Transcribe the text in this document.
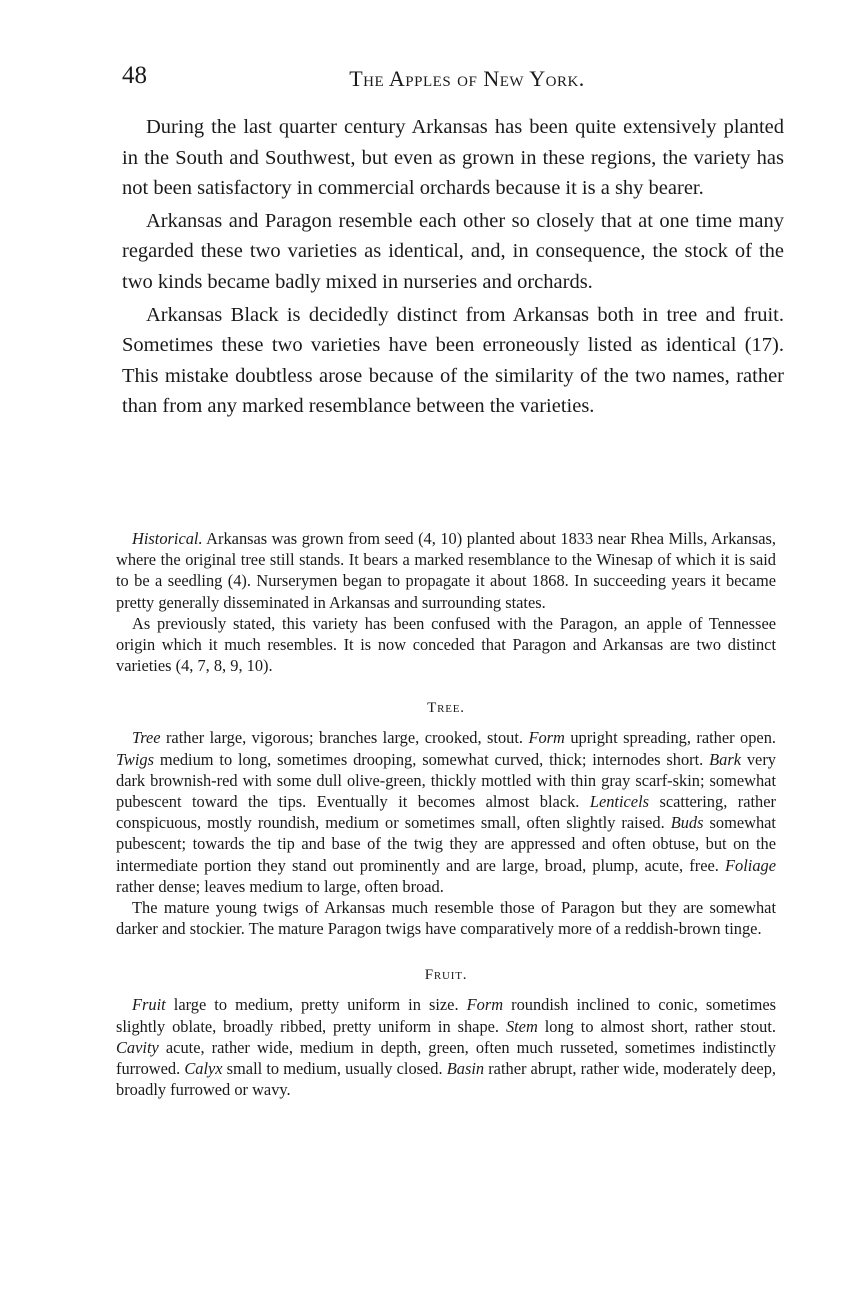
48	The Apples of New York.

During the last quarter century Arkansas has been quite extensively planted in the South and Southwest, but even as grown in these regions, the variety has not been satisfactory in commercial orchards because it is a shy bearer.

Arkansas and Paragon resemble each other so closely that at one time many regarded these two varieties as identical, and, in consequence, the stock of the two kinds became badly mixed in nurseries and orchards.

Arkansas Black is decidedly distinct from Arkansas both in tree and fruit. Sometimes these two varieties have been erroneously listed as identical (17). This mistake doubtless arose because of the similarity of the two names, rather than from any marked resemblance between the varieties.

Historical. Arkansas was grown from seed (4, 10) planted about 1833 near Rhea Mills, Arkansas, where the original tree still stands. It bears a marked resemblance to the Winesap of which it is said to be a seedling (4). Nurserymen began to propagate it about 1868. In succeeding years it became pretty generally disseminated in Arkansas and surrounding states.

As previously stated, this variety has been confused with the Paragon, an apple of Tennessee origin which it much resembles. It is now conceded that Paragon and Arkansas are two distinct varieties (4, 7, 8, 9, 10).

Tree.

Tree rather large, vigorous; branches large, crooked, stout. Form upright spreading, rather open. Twigs medium to long, sometimes drooping, somewhat curved, thick; internodes short. Bark very dark brownish-red with some dull olive-green, thickly mottled with thin gray scarf-skin; somewhat pubescent toward the tips. Eventually it becomes almost black. Lenticels scattering, rather conspicuous, mostly roundish, medium or sometimes small, often slightly raised. Buds somewhat pubescent; towards the tip and base of the twig they are appressed and often obtuse, but on the intermediate portion they stand out prominently and are large, broad, plump, acute, free. Foliage rather dense; leaves medium to large, often broad.

The mature young twigs of Arkansas much resemble those of Paragon but they are somewhat darker and stockier. The mature Paragon twigs have comparatively more of a reddish-brown tinge.

Fruit.

Fruit large to medium, pretty uniform in size. Form roundish inclined to conic, sometimes slightly oblate, broadly ribbed, pretty uniform in shape. Stem long to almost short, rather stout. Cavity acute, rather wide, medium in depth, green, often much russeted, sometimes indistinctly furrowed. Calyx small to medium, usually closed. Basin rather abrupt, rather wide, moderately deep, broadly furrowed or wavy.
